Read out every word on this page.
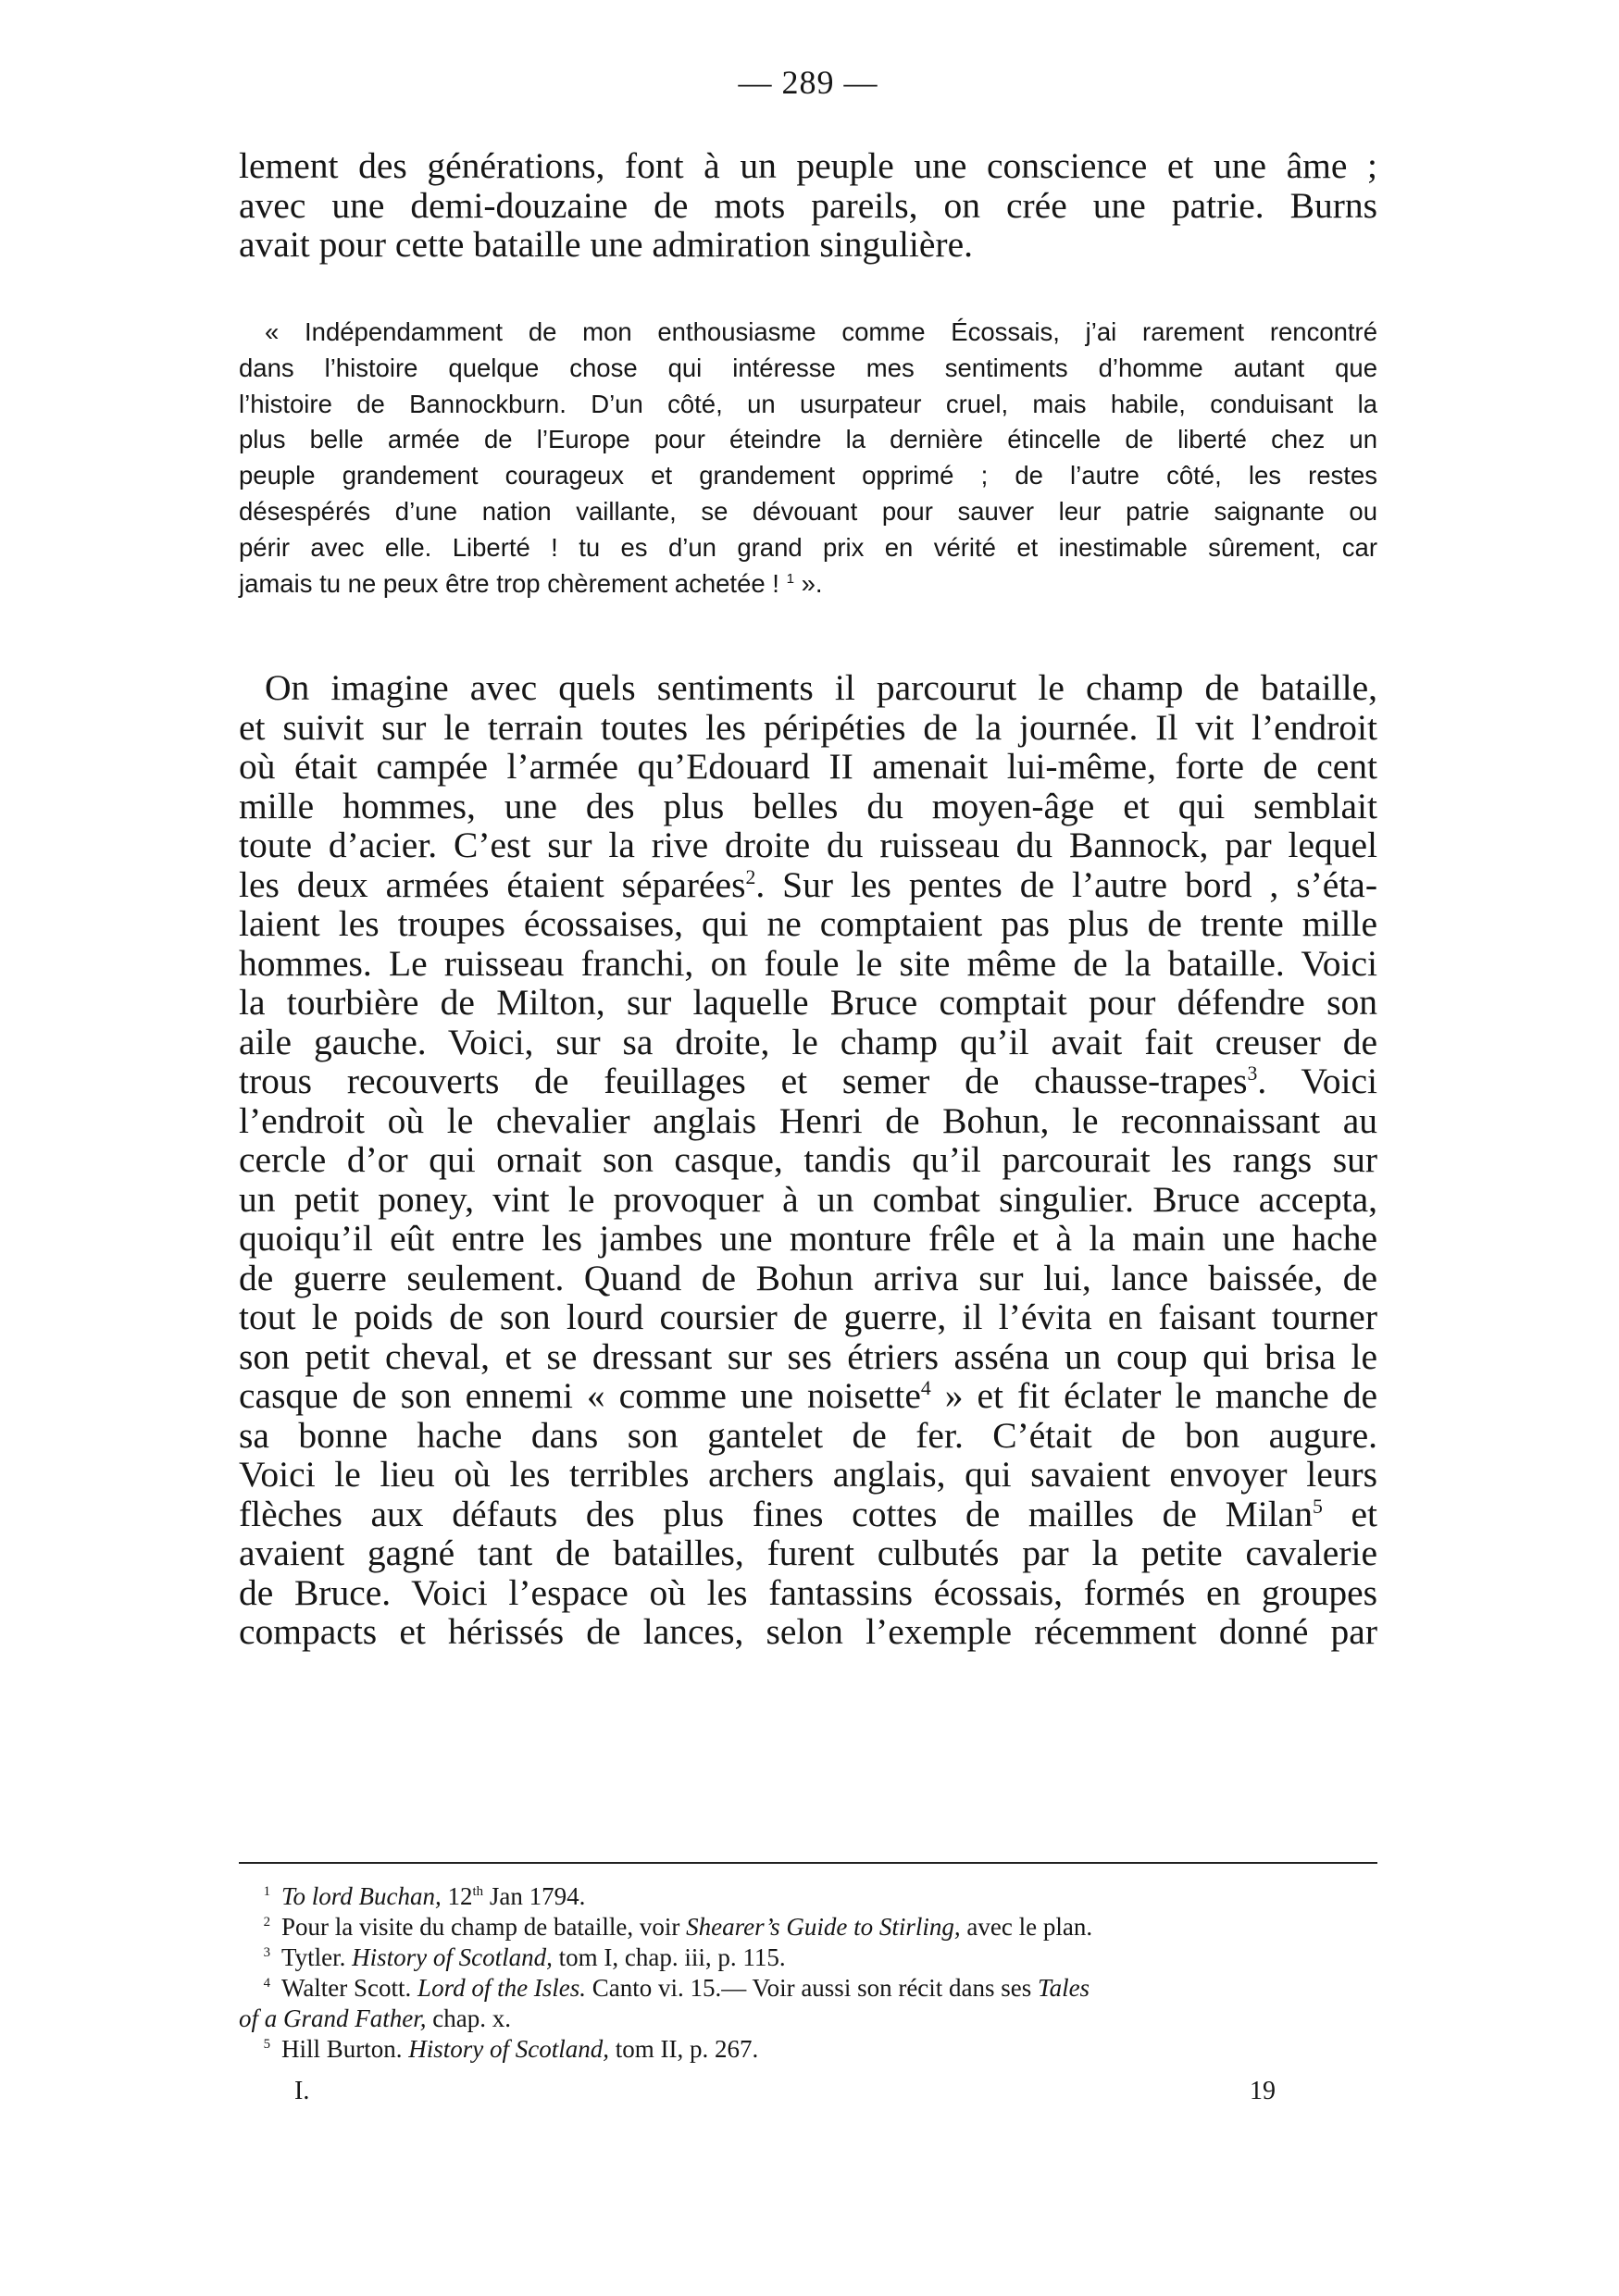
— 289 —
lement des générations, font à un peuple une conscience et une âme ;
avec une demi-douzaine de mots pareils, on crée une patrie. Burns
avait pour cette bataille une admiration singulière.
« Indépendamment de mon enthousiasme comme Écossais, j’ai rarement rencontré
dans l’histoire quelque chose qui intéresse mes sentiments d’homme autant que
l’histoire de Bannockburn. D’un côté, un usurpateur cruel, mais habile, conduisant la
plus belle armée de l’Europe pour éteindre la dernière étincelle de liberté chez un
peuple grandement courageux et grandement opprimé ; de l’autre côté, les restes
désespérés d’une nation vaillante, se dévouant pour sauver leur patrie saignante ou
périr avec elle. Liberté ! tu es d’un grand prix en vérité et inestimable sûrement, car
jamais tu ne peux être trop chèrement achetée ! $^1$ ».
On imagine avec quels sentiments il parcourut le champ de bataille,
et suivit sur le terrain toutes les péripéties de la journée. Il vit l’endroit
où était campée l’armée qu’Edouard II amenait lui-même, forte de cent
mille hommes, une des plus belles du moyen-âge et qui semblait
toute d’acier. C’est sur la rive droite du ruisseau du Bannock, par lequel
les deux armées étaient séparées$^2$. Sur les pentes de l’autre bord , s’éta-
laient les troupes écossaises, qui ne comptaient pas plus de trente mille
hommes. Le ruisseau franchi, on foule le site même de la bataille. Voici
la tourbière de Milton, sur laquelle Bruce comptait pour défendre son
aile gauche. Voici, sur sa droite, le champ qu’il avait fait creuser de
trous recouverts de feuillages et semer de chausse-trapes$^3$. Voici
l’endroit où le chevalier anglais Henri de Bohun, le reconnaissant au
cercle d’or qui ornait son casque, tandis qu’il parcourait les rangs sur
un petit poney, vint le provoquer à un combat singulier. Bruce accepta,
quoiqu’il eût entre les jambes une monture frêle et à la main une hache
de guerre seulement. Quand de Bohun arriva sur lui, lance baissée, de
tout le poids de son lourd coursier de guerre, il l’évita en faisant tourner
son petit cheval, et se dressant sur ses étriers asséna un coup qui brisa le
casque de son ennemi « comme une noisette$^4$ » et fit éclater le manche de
sa bonne hache dans son gantelet de fer. C’était de bon augure.
Voici le lieu où les terribles archers anglais, qui savaient envoyer leurs
flèches aux défauts des plus fines cottes de mailles de Milan$^5$ et
avaient gagné tant de batailles, furent culbutés par la petite cavalerie
de Bruce. Voici l’espace où les fantassins écossais, formés en groupes
compacts et hérissés de lances, selon l’exemple récemment donné par
$^1$ To lord Buchan, 12th Jan 1794.
$^2$ Pour la visite du champ de bataille, voir Shearer’s Guide to Stirling, avec le plan.
$^3$ Tytler. History of Scotland, tom I, chap. iii, p. 115.
$^4$ Walter Scott. Lord of the Isles. Canto vi. 15.— Voir aussi son récit dans ses Tales
of a Grand Father, chap. x.
$^5$ Hill Burton. History of Scotland, tom II, p. 267.
I.	19
